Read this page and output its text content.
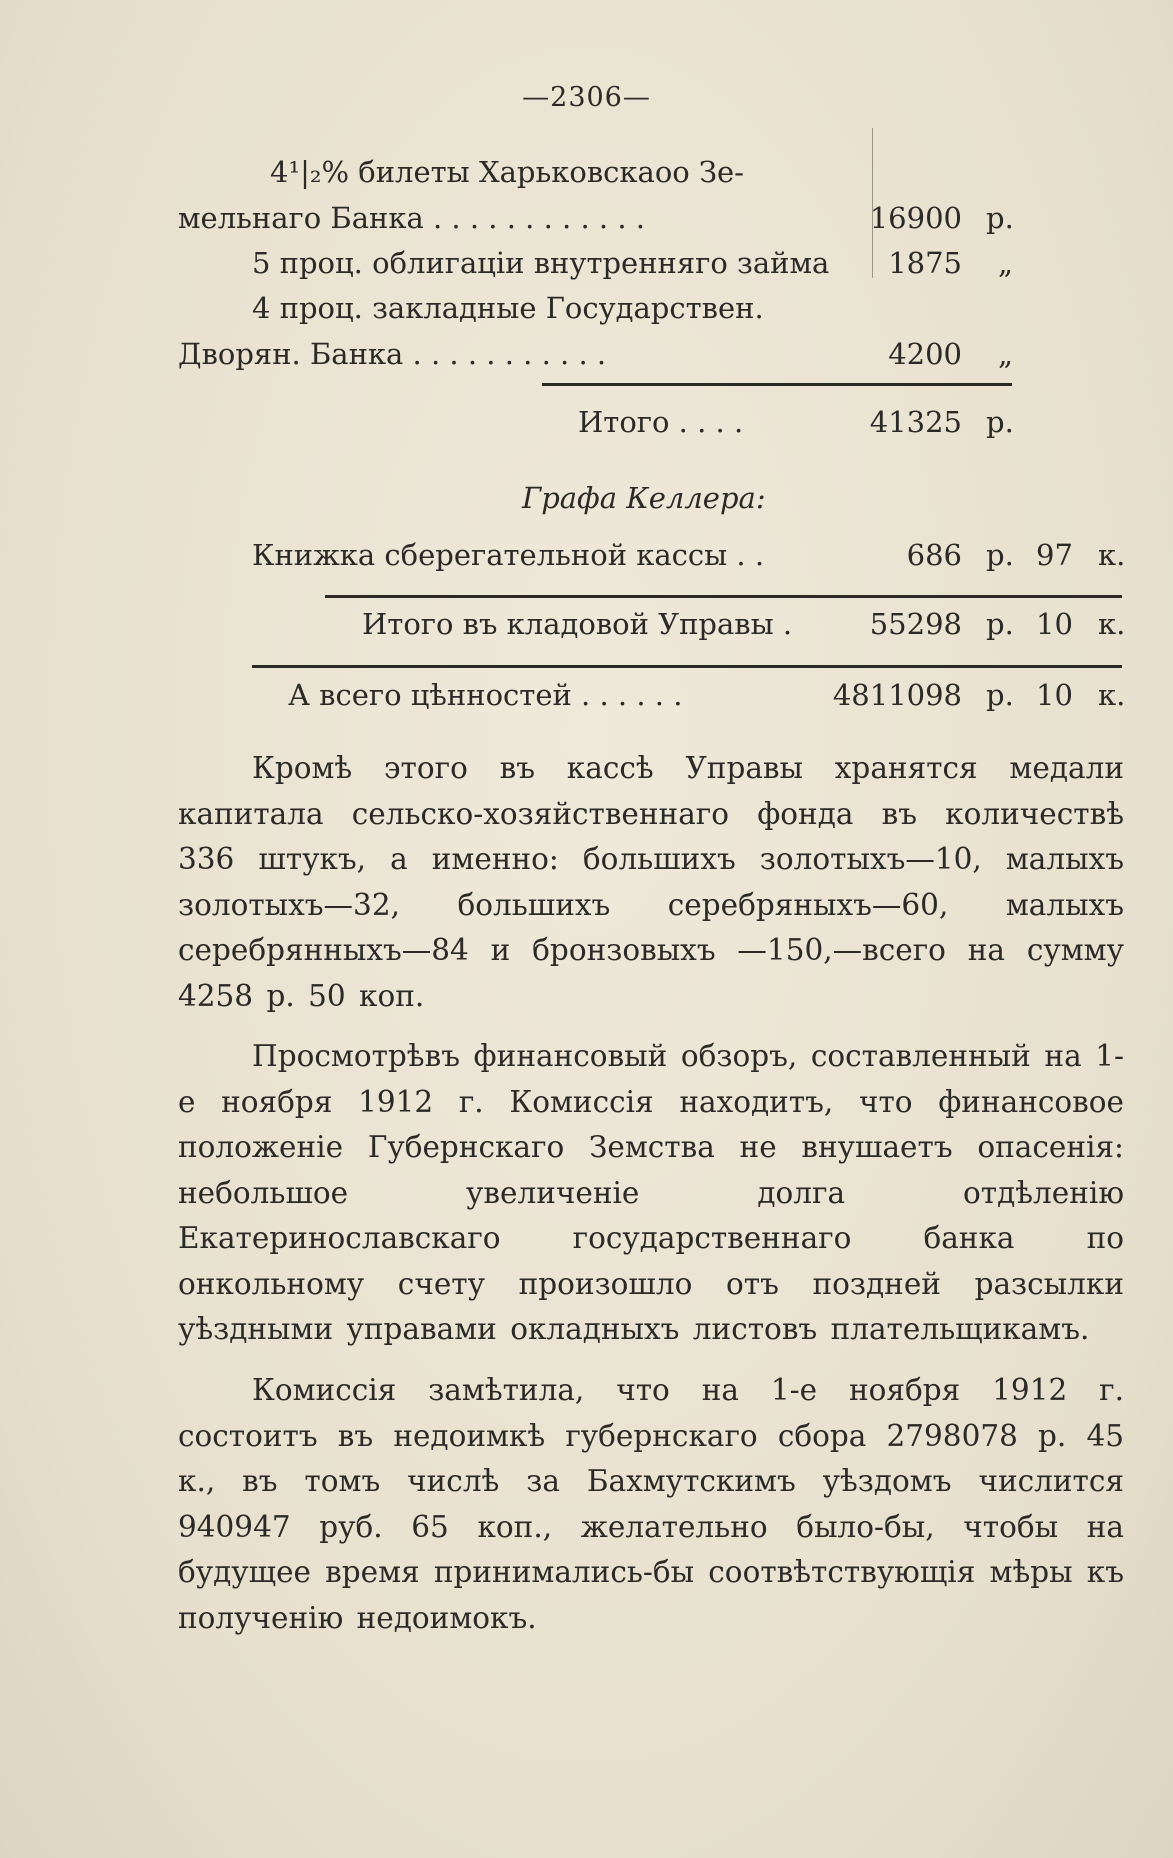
—2306—
4¹|₂% билеты Харьковскаоо Зе-
мельнаго Банка . . . . . . . . . . . .	16900 р.
5 проц. облигаціи внутренняго займа	1875 „
4 проц. закладные Государствен.
Дворян. Банка . . . . . . . . . . .	4200 „
Итого . . . .	41325 р.
Графа Келлера:
Книжка сберегательной кассы . .	686 р. 97 к.
Итого въ кладовой Управы .	55298 р. 10 к.
А всего цѣнностей . . . . . .	4811098 р. 10 к.
Кромѣ этого въ кассѣ Управы хранятся медали капитала сельско-хозяйственнаго фонда въ количествѣ 336 штукъ, а именно: большихъ золотыхъ—10, малыхъ золотыхъ—32, большихъ серебряныхъ—60, малыхъ серебрянныхъ—84 и бронзовыхъ —150,—всего на сумму 4258 р. 50 коп.
Просмотрѣвъ финансовый обзоръ, составленный на 1-е ноября 1912 г. Комиссія находитъ, что финансовое положеніе Губернскаго Земства не внушаетъ опасенія: небольшое увеличеніе долга отдѣленію Екатеринославскаго государственнаго банка по онкольному счету произошло отъ поздней разсылки уѣздными управами окладныхъ листовъ плательщикамъ.
Комиссія замѣтила, что на 1-е ноября 1912 г. состоитъ въ недоимкѣ губернскаго сбора 2798078 р. 45 к., въ томъ числѣ за Бахмутскимъ уѣздомъ числится 940947 руб. 65 коп., желательно было-бы, чтобы на будущее время принимались-бы соотвѣтствующія мѣры къ полученію недоимокъ.
